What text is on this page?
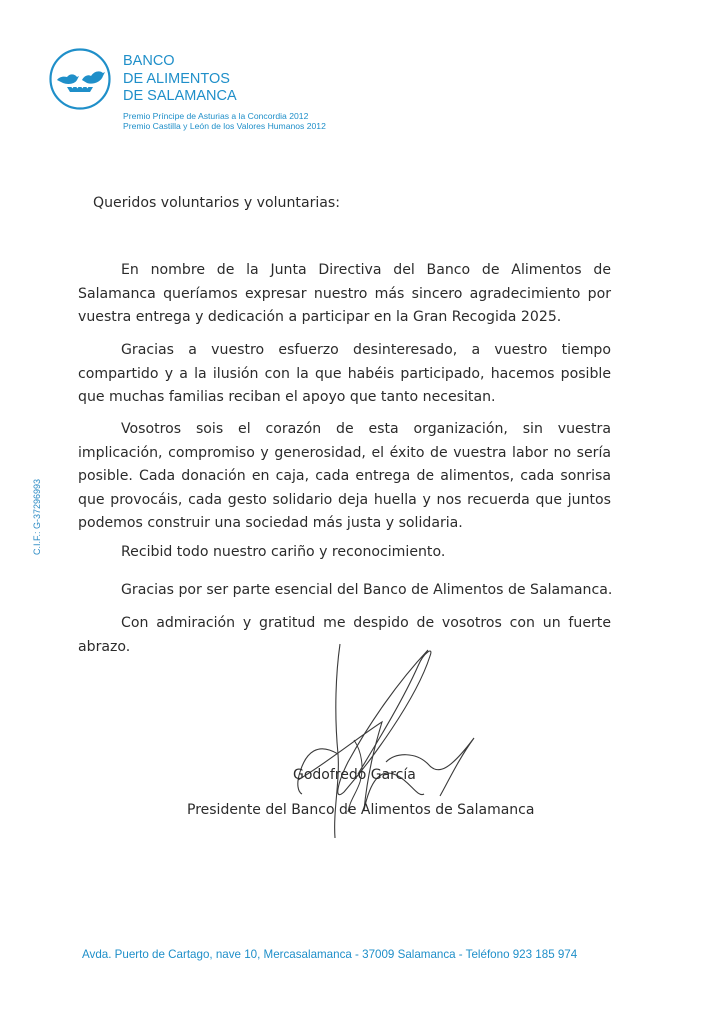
BANCO
DE ALIMENTOS
DE SALAMANCA
Premio Príncipe de Asturias a la Concordia 2012
Premio Castilla y León de los Valores Humanos 2012
C.I.F.: G-37296993

Queridos voluntarios y voluntarias:

En nombre de la Junta Directiva del Banco de Alimentos de Salamanca queríamos expresar nuestro más sincero agradecimiento por vuestra entrega y dedicación a participar en la Gran Recogida 2025.

Gracias a vuestro esfuerzo desinteresado, a vuestro tiempo compartido y a la ilusión con la que habéis participado, hacemos posible que muchas familias reciban el apoyo que tanto necesitan.

Vosotros sois el corazón de esta organización, sin vuestra implicación, compromiso y generosidad, el éxito de vuestra labor no sería posible. Cada donación en caja, cada entrega de alimentos, cada sonrisa que provocáis, cada gesto solidario deja huella y nos recuerda que juntos podemos construir una sociedad más justa y solidaria.

Recibid todo nuestro cariño y reconocimiento.

Gracias por ser parte esencial del Banco de Alimentos de Salamanca.

Con admiración y gratitud me despido de vosotros con un fuerte abrazo.

Godofredo García
Presidente del Banco de Alimentos de Salamanca
Avda. Puerto de Cartago, nave 10, Mercasalamanca - 37009 Salamanca - Teléfono 923 185 974
